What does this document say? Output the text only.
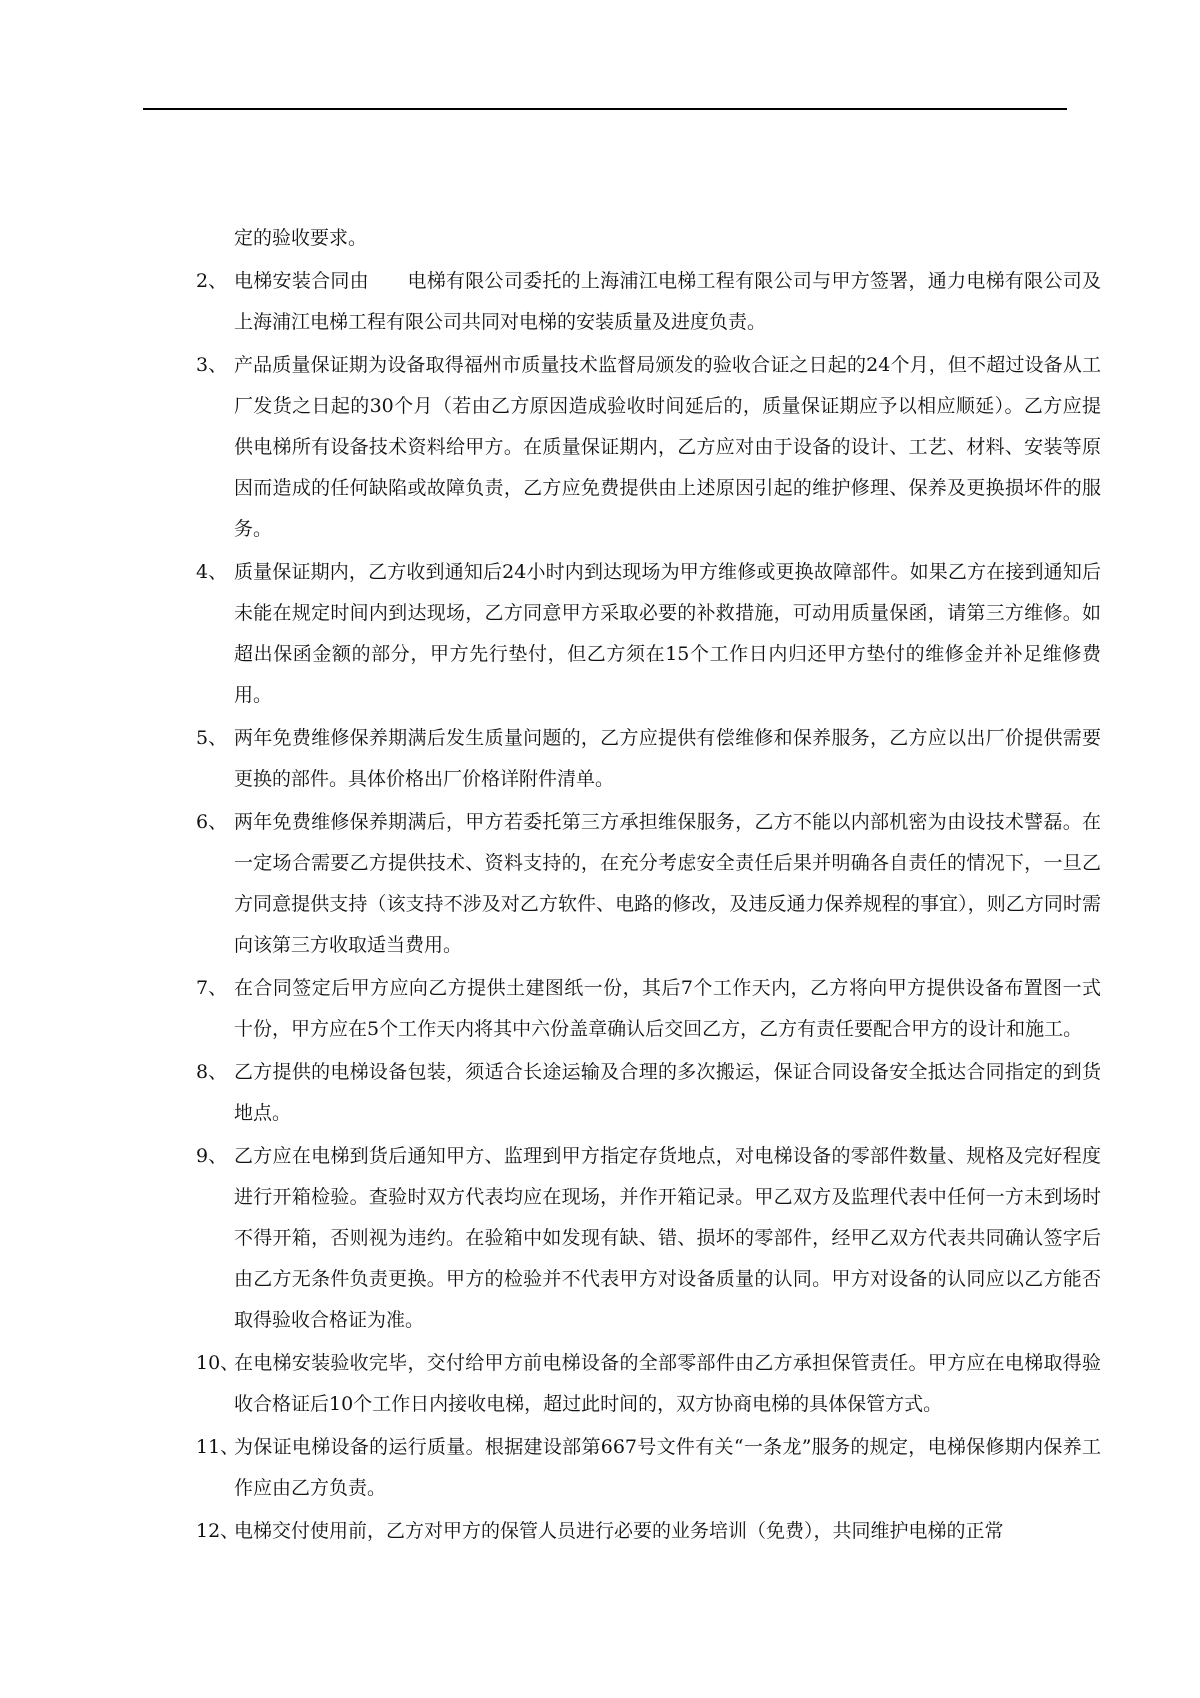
定的验收要求。

2、 电梯安装合同由　　电梯有限公司委托的上海浦江电梯工程有限公司与甲方签署，通力电梯有限公司及上海浦江电梯工程有限公司共同对电梯的安装质量及进度负责。
3、 产品质量保证期为设备取得福州市质量技术监督局颁发的验收合证之日起的24个月，但不超过设备从工厂发货之日起的30个月（若由乙方原因造成验收时间延后的，质量保证期应予以相应顺延）。乙方应提供电梯所有设备技术资料给甲方。在质量保证期内，乙方应对由于设备的设计、工艺、材料、安装等原因而造成的任何缺陷或故障负责，乙方应免费提供由上述原因引起的维护修理、保养及更换损坏件的服务。
4、 质量保证期内，乙方收到通知后24小时内到达现场为甲方维修或更换故障部件。如果乙方在接到通知后未能在规定时间内到达现场，乙方同意甲方采取必要的补救措施，可动用质量保函，请第三方维修。如超出保函金额的部分，甲方先行垫付，但乙方须在15个工作日内归还甲方垫付的维修金并补足维修费用。
5、 两年免费维修保养期满后发生质量问题的，乙方应提供有偿维修和保养服务，乙方应以出厂价提供需要更换的部件。具体价格出厂价格详附件清单。
6、 两年免费维修保养期满后，甲方若委托第三方承担维保服务，乙方不能以内部机密为由设技术譬磊。在一定场合需要乙方提供技术、资料支持的，在充分考虑安全责任后果并明确各自责任的情况下，一旦乙方同意提供支持（该支持不涉及对乙方软件、电路的修改，及违反通力保养规程的事宜），则乙方同时需向该第三方收取适当费用。
7、 在合同签定后甲方应向乙方提供土建图纸一份，其后7个工作天内，乙方将向甲方提供设备布置图一式十份，甲方应在5个工作天内将其中六份盖章确认后交回乙方，乙方有责任要配合甲方的设计和施工。
8、 乙方提供的电梯设备包装，须适合长途运输及合理的多次搬运，保证合同设备安全抵达合同指定的到货地点。
9、 乙方应在电梯到货后通知甲方、监理到甲方指定存货地点，对电梯设备的零部件数量、规格及完好程度进行开箱检验。查验时双方代表均应在现场，并作开箱记录。甲乙双方及监理代表中任何一方未到场时不得开箱，否则视为违约。在验箱中如发现有缺、错、损坏的零部件，经甲乙双方代表共同确认签字后由乙方无条件负责更换。甲方的检验并不代表甲方对设备质量的认同。甲方对设备的认同应以乙方能否取得验收合格证为准。
10、
在电梯安装验收完毕，交付给甲方前电梯设备的全部零部件由乙方承担保管责任。甲方应在电梯取得验收合格证后10个工作日内接收电梯，超过此时间的，双方协商电梯的具体保管方式。
11、
为保证电梯设备的运行质量。根据建设部第667号文件有关“一条龙”服务的规定，电梯保修期内保养工作应由乙方负责。
12、
电梯交付使用前，乙方对甲方的保管人员进行必要的业务培训（免费），共同维护电梯的正常
